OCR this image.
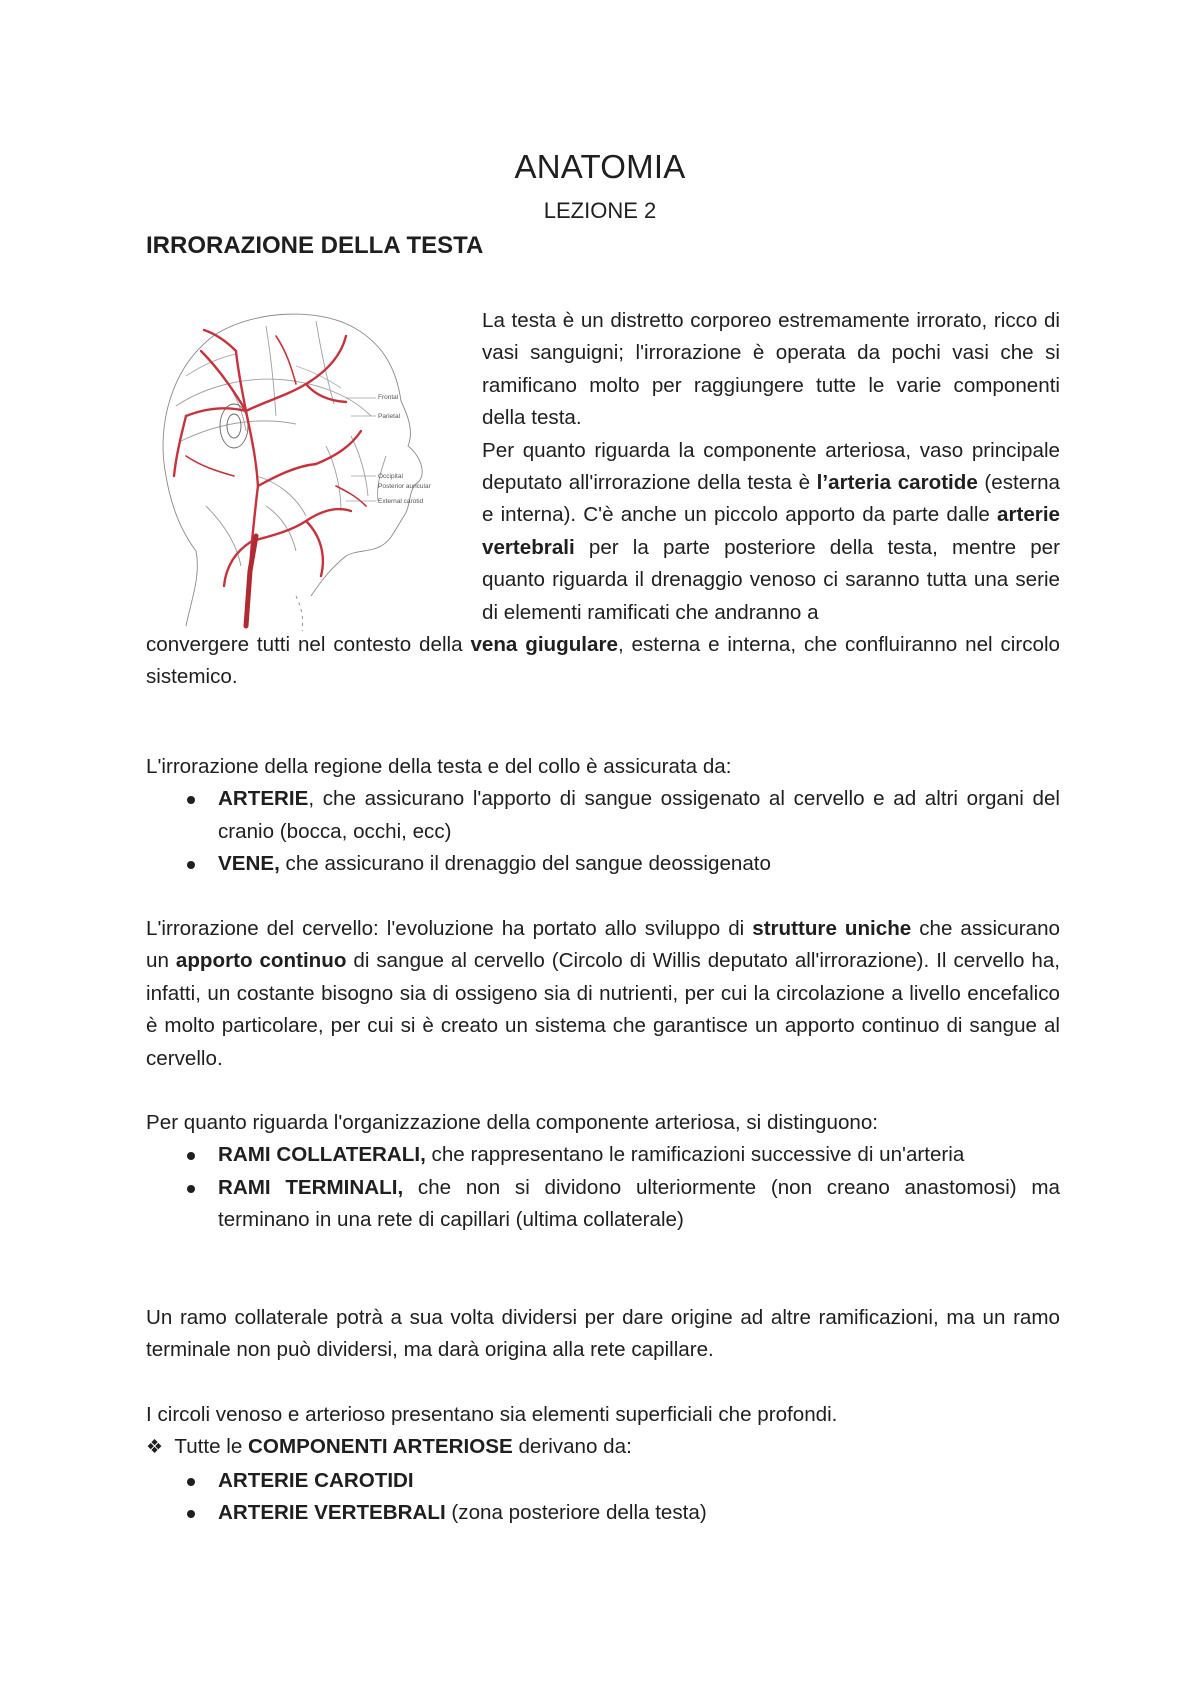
ANATOMIA
LEZIONE 2
IRRORAZIONE DELLA TESTA
Frontal
Parietal
Occipital
Posterior auricular
External carotid

La testa è un distretto corporeo estremamente irrorato, ricco di vasi sanguigni; l'irrorazione è operata da pochi vasi che si ramificano molto per raggiungere tutte le varie componenti della testa.

Per quanto riguarda la componente arteriosa, vaso principale deputato all'irrorazione della testa è l’arteria carotide (esterna e interna). C'è anche un piccolo apporto da parte dalle arterie vertebrali per la parte posteriore della testa, mentre per quanto riguarda il drenaggio venoso ci saranno tutta una serie di elementi ramificati che andranno a

convergere tutti nel contesto della vena giugulare, esterna e interna, che confluiranno nel circolo sistemico.

L'irrorazione della regione della testa e del collo è assicurata da:

ARTERIE, che assicurano l'apporto di sangue ossigenato al cervello e ad altri organi del cranio (bocca, occhi, ecc)
VENE, che assicurano il drenaggio del sangue deossigenato
L'irrorazione del cervello: l'evoluzione ha portato allo sviluppo di strutture uniche che assicurano un apporto continuo di sangue al cervello (Circolo di Willis deputato all'irrorazione). Il cervello ha, infatti, un costante bisogno sia di ossigeno sia di nutrienti, per cui la circolazione a livello encefalico è molto particolare, per cui si è creato un sistema che garantisce un apporto continuo di sangue al cervello.

Per quanto riguarda l'organizzazione della componente arteriosa, si distinguono:

RAMI COLLATERALI, che rappresentano le ramificazioni successive di un'arteria
RAMI TERMINALI, che non si dividono ulteriormente (non creano anastomosi) ma terminano in una rete di capillari (ultima collaterale)
Un ramo collaterale potrà a sua volta dividersi per dare origine ad altre ramificazioni, ma un ramo terminale non può dividersi, ma darà origina alla rete capillare.

I circoli venoso e arterioso presentano sia elementi superficiali che profondi.

❖ Tutte le COMPONENTI ARTERIOSE derivano da:

ARTERIE CAROTIDI
ARTERIE VERTEBRALI (zona posteriore della testa)
